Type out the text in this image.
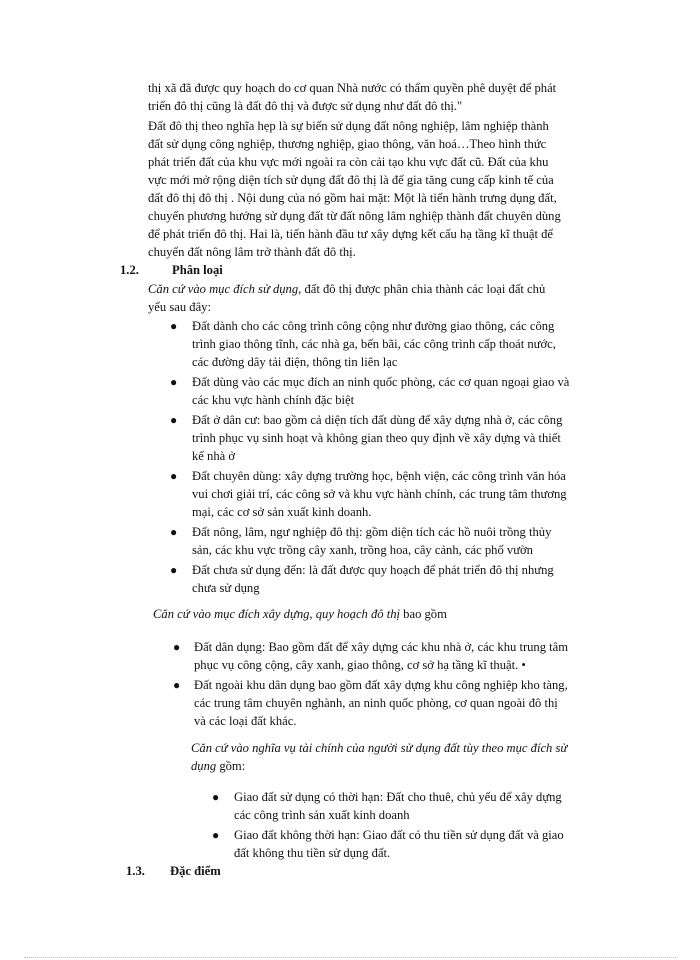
thị xã đã được quy hoạch do cơ quan Nhà nước có thẩm quyền phê duyệt để phát
triển đô thị cũng là đất đô thị và được sử dụng như đất đô thị."
Đất đô thị theo nghĩa hẹp là sự biến sử dụng đất nông nghiệp, lâm nghiệp thành
đất sử dụng công nghiệp, thương nghiệp, giao thông, văn hoá…Theo hình thức
phát triển đất của khu vực mới ngoài ra còn cải tạo khu vực đất cũ. Đất của khu
vực mới mở rộng diện tích sử dụng đất đô thị là để gia tăng cung cấp kinh tế của
đất đô thị đô thị . Nội dung của nó gồm hai mặt: Một là tiến hành trưng dụng đất,
chuyển phương hướng sử dụng đất từ đất nông lâm nghiệp thành đất chuyên dùng
để phát triển đô thị. Hai là, tiến hành đầu tư xây dựng kết cấu hạ tầng kĩ thuật để
chuyển đất nông lâm trở thành đất đô thị.
1.2.	Phân loại
Căn cứ vào mục đích sử dụng, đất đô thị được phân chia thành các loại đất chủ
yếu sau đây:
● Đất dành cho các công trình công cộng như đường giao thông, các công
trình giao thông tĩnh, các nhà ga, bến bãi, các công trình cấp thoát nước,
các đường dây tải điện, thông tin liên lạc
● Đất dùng vào các mục đích an ninh quốc phòng, các cơ quan ngoại giao và
các khu vực hành chính đặc biệt
● Đất ở dân cư: bao gồm cả diện tích đất dùng để xây dựng nhà ở, các công
trình phục vụ sinh hoạt và không gian theo quy định về xây dựng và thiết
kế nhà ở
● Đất chuyên dùng: xây dựng trường học, bệnh viện, các công trình văn hóa
vui chơi giải trí, các công sở và khu vực hành chính, các trung tâm thương
mại, các cơ sở sản xuất kinh doanh.
● Đất nông, lâm, ngư nghiệp đô thị: gồm diện tích các hồ nuôi trồng thủy
sản, các khu vực trồng cây xanh, trồng hoa, cây cảnh, các phố vườn
● Đất chưa sử dụng đến: là đất được quy hoạch để phát triển đô thị nhưng
chưa sử dụng
Căn cứ vào mục đích xây dựng, quy hoạch đô thị bao gồm
● Đất dân dụng: Bao gồm đất để xây dựng các khu nhà ở, các khu trung tâm
phục vụ công cộng, cây xanh, giao thông, cơ sở hạ tầng kĩ thuật. •
● Đất ngoài khu dân dụng bao gồm đất xây dựng khu công nghiệp kho tàng,
các trung tâm chuyên nghành, an ninh quốc phòng, cơ quan ngoài đô thị
và các loại đất khác.
Căn cứ vào nghĩa vụ tài chính của người sử dụng đất tùy theo mục đích sử
dụng gồm:
● Giao đất sử dụng có thời hạn: Đất cho thuê, chủ yếu để xây dựng
các công trình sản xuất kinh doanh
● Giao đất không thời hạn: Giao đất có thu tiền sử dụng đất và giao
đất không thu tiền sử dụng đất.
1.3. Đặc điểm
